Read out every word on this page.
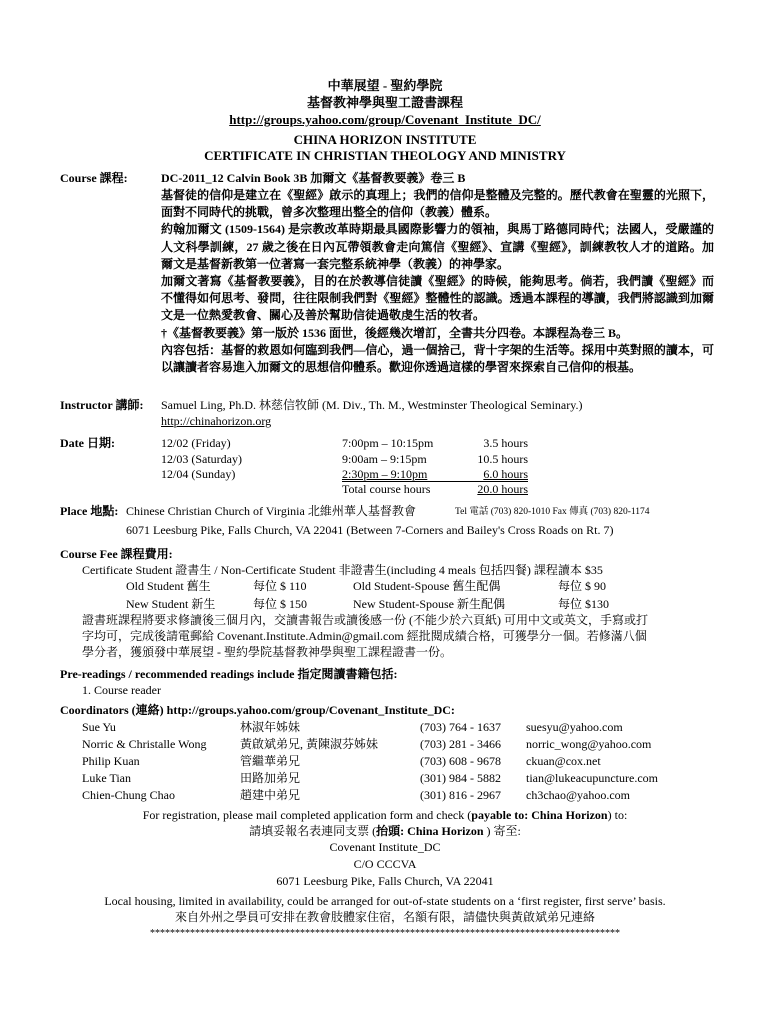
中華展望 - 聖約學院
基督教神學與聖工證書課程
http://groups.yahoo.com/group/Covenant_Institute_DC/
CHINA HORIZON INSTITUTE
CERTIFICATE IN CHRISTIAN THEOLOGY AND MINISTRY
Course 課程:	DC-2011_12 Calvin Book 3B 加爾文《基督教要義》卷三 B

基督徒的信仰是建立在《聖經》啟示的真理上；我們的信仰是整體及完整的。歷代教會在聖靈的光照下，面對不同時代的挑戰，曾多次整理出整全的信仰（教義）體系。

約翰加爾文 (1509-1564) 是宗教改革時期最具國際影響力的領袖，與馬丁路德同時代；法國人，受嚴謹的人文科學訓練，27 歲之後在日內瓦帶領教會走向篤信《聖經》、宣講《聖經》，訓練教牧人才的道路。加爾文是基督新教第一位著寫一套完整系統神學（教義）的神學家。

加爾文著寫《基督教要義》，目的在於教導信徒讀《聖經》的時候，能夠思考。倘若，我們讀《聖經》而不懂得如何思考、發問，往往限制我們對《聖經》整體性的認識。透過本課程的導讀，我們將認識到加爾文是一位熱愛教會、關心及善於幫助信徒過敬虔生活的牧者。

†《基督教要義》第一版於 1536 面世，後經幾次增訂，全書共分四卷。本課程為卷三 B。

內容包括：基督的救恩如何臨到我們—信心，過一個捨己，背十字架的生活等。採用中英對照的讀本，可以讓讀者容易進入加爾文的思想信仰體系。歡迎你透過這樣的學習來探索自己信仰的根基。

Instructor 講師: Samuel Ling, Ph.D. 林慈信牧師 (M. Div., Th. M., Westminster Theological Seminary.)
http://chinahorizon.org
Date 日期:	12/02 (Friday)	7:00pm – 10:15pm	3.5 hours
12/03 (Saturday)	9:00am – 9:15pm	10.5 hours
12/04 (Sunday)	2:30pm – 9:10pm	6.0 hours
Total course hours	20.0 hours
Place 地點: Chinese Christian Church of Virginia 北維州華人基督教會	Tel 電話 (703) 820-1010 Fax 傳真 (703) 820-1174
6071 Leesburg Pike, Falls Church, VA 22041 (Between 7-Corners and Bailey's Cross Roads on Rt. 7)
Course Fee 課程費用:
Certificate Student 證書生 / Non-Certificate Student 非證書生(including 4 meals 包括四餐) 課程讀本 $35
Old Student 舊生	每位 $ 110	Old Student-Spouse 舊生配偶	每位 $ 90
New Student 新生	每位 $ 150	New Student-Spouse 新生配偶	每位 $130
證書班課程將要求修讀後三個月內，交讀書報告或讀後感一份 (不能少於六頁紙) 可用中文或英文，手寫或打
字均可，完成後請電郵給 Covenant.Institute.Admin@gmail.com 經批閱成績合格，可獲學分一個。若修滿八個
學分者，獲頒發中華展望 - 聖約學院基督教神學與聖工課程證書一份。
Pre-readings / recommended readings include 指定閱讀書籍包括:
1. Course reader
Coordinators (連絡) http://groups.yahoo.com/group/Covenant_Institute_DC:
Sue Yu	林淑年姊妹	(703) 764 - 1637 suesyu@yahoo.com
Norric & Christalle Wong	黃啟斌弟兄, 黃陳淑芬姊妹	(703) 281 - 3466 norric_wong@yahoo.com
Philip Kuan	管繼華弟兄	(703) 608 - 9678 ckuan@cox.net
Luke Tian	田路加弟兄	(301) 984 - 5882 tian@lukeacupuncture.com
Chien-Chung Chao	趙建中弟兄	(301) 816 - 2967 ch3chao@yahoo.com
For registration, please mail completed application form and check (payable to: China Horizon) to:
請填妥報名表連同支票 (抬頭: China Horizon ) 寄至:
Covenant Institute_DC
C/O CCCVA
6071 Leesburg Pike, Falls Church, VA 22041
Local housing, limited in availability, could be arranged for out-of-state students on a ‘first register, first serve’ basis.
來自外州之學員可安排在教會肢體家住宿，名額有限，請儘快與黃啟斌弟兄連絡
**********************************************************************************************
